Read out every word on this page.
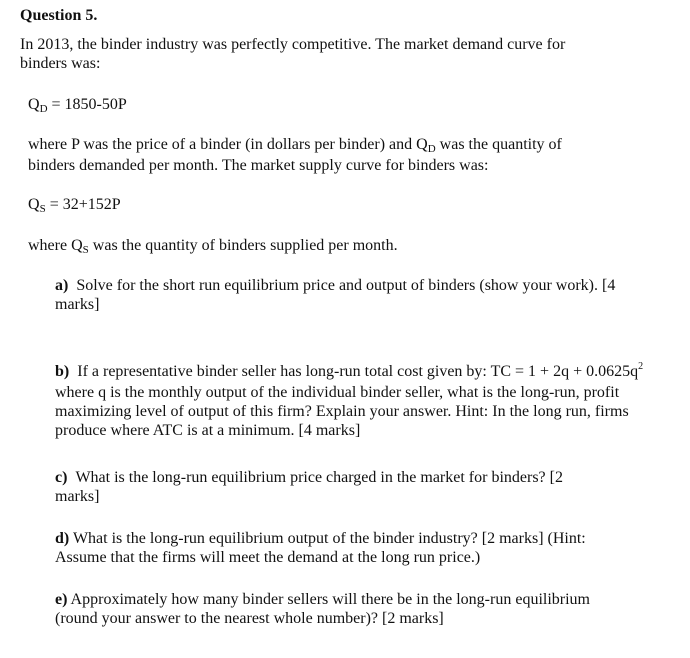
Question 5.
In 2013, the binder industry was perfectly competitive. The market demand curve for
binders was:
QD = 1850-50P
where P was the price of a binder (in dollars per binder) and QD was the quantity of
binders demanded per month. The market supply curve for binders was:
QS = 32+152P
where QS was the quantity of binders supplied per month.
a) Solve for the short run equilibrium price and output of binders (show your work). [4
marks]
b) If a representative binder seller has long-run total cost given by: TC = $1 + 2q + 0.0625q^2$
where q is the monthly output of the individual binder seller, what is the long-run, profit
maximizing level of output of this firm? Explain your answer. Hint: In the long run, firms
produce where ATC is at a minimum. [4 marks]
c) What is the long-run equilibrium price charged in the market for binders? [2
marks]
d) What is the long-run equilibrium output of the binder industry? [2 marks] (Hint:
Assume that the firms will meet the demand at the long run price.)
e) Approximately how many binder sellers will there be in the long-run equilibrium
(round your answer to the nearest whole number)? [2 marks]
